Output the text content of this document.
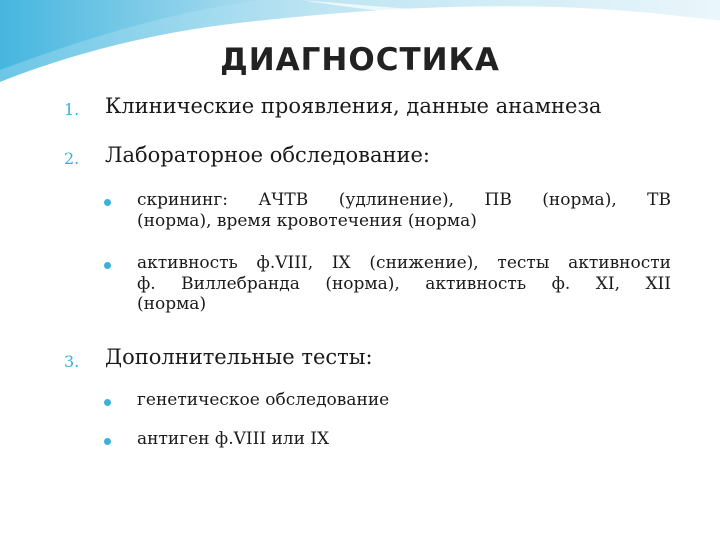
ДИАГНОСТИКА
1. Клинические проявления, данные анамнеза
2. Лабораторное обследование:
скрининг: АЧТВ (удлинение), ПВ (норма), ТВ
(норма), время кровотечения (норма)
активность ф.VIII, IX (снижение), тесты активности
ф. Виллебранда (норма), активность ф. XI, XII
(норма)
3. Дополнительные тесты:
генетическое обследование
антиген ф.VIII или IX
